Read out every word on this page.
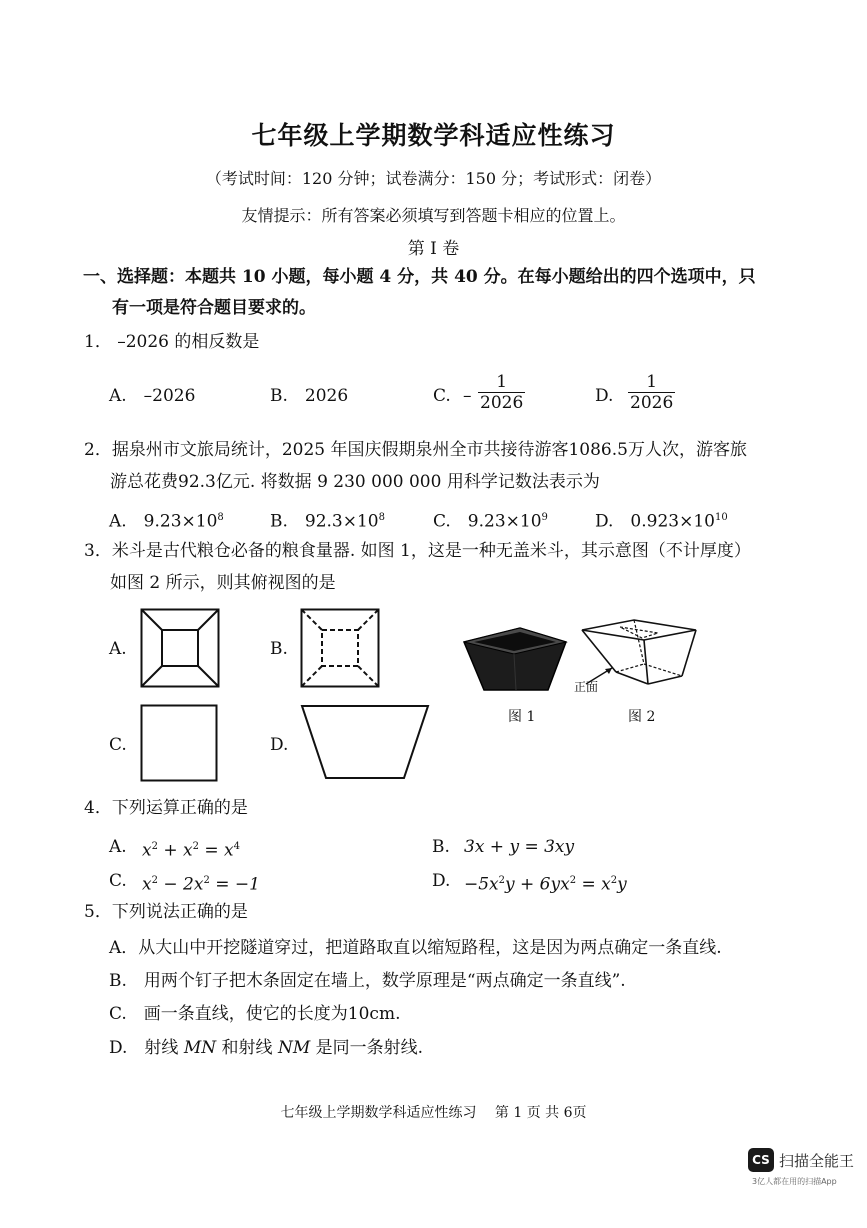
七年级上学期数学科适应性练习
（考试时间：120 分钟；试卷满分：150 分；考试形式：闭卷）
友情提示：所有答案必须填写到答题卡相应的位置上。
第 Ⅰ 卷
一、选择题：本题共 10 小题，每小题 4 分，共 40 分。在每小题给出的四个选项中，只
有一项是符合题目要求的。
1． –2026 的相反数是
A.　–2026	B.　2026	C. – $\frac{1}{2026}$	D. $\frac{1}{2026}$
2．据泉州市文旅局统计，2025 年国庆假期泉州全市共接待游客1086.5万人次，游客旅
游总花费92.3亿元. 将数据 9 230 000 000 用科学记数法表示为
A.　$9.23\times 10^8$	B.　$92.3\times 10^8$	C.　$9.23\times 10^9$	D.　$0.923\times 10^{10}$
3．米斗是古代粮仓必备的粮食量器. 如图 1，这是一种无盖米斗，其示意图（不计厚度）
如图 2 所示，则其俯视图的是
A.	B.
正面
图 1	图 2
C.	D.
4．下列运算正确的是
A. $x^2 + x^2 = x^4$	B. 3x + y = 3xy
C. $x^2 - 2x^2 = -1$	D. $-5x^2y + 6yx^2 = x^2y$
5．下列说法正确的是
A．从大山中开挖隧道穿过，把道路取直以缩短路程，这是因为两点确定一条直线.
B.　用两个钉子把木条固定在墙上，数学原理是“两点确定一条直线”.
C.　画一条直线，使它的长度为10cm.
D.　射线 MN 和射线 NM 是同一条射线.
七年级上学期数学科适应性练习　 第 1 页 共 6页
CS 扫描全能王
3亿人都在用的扫描App
